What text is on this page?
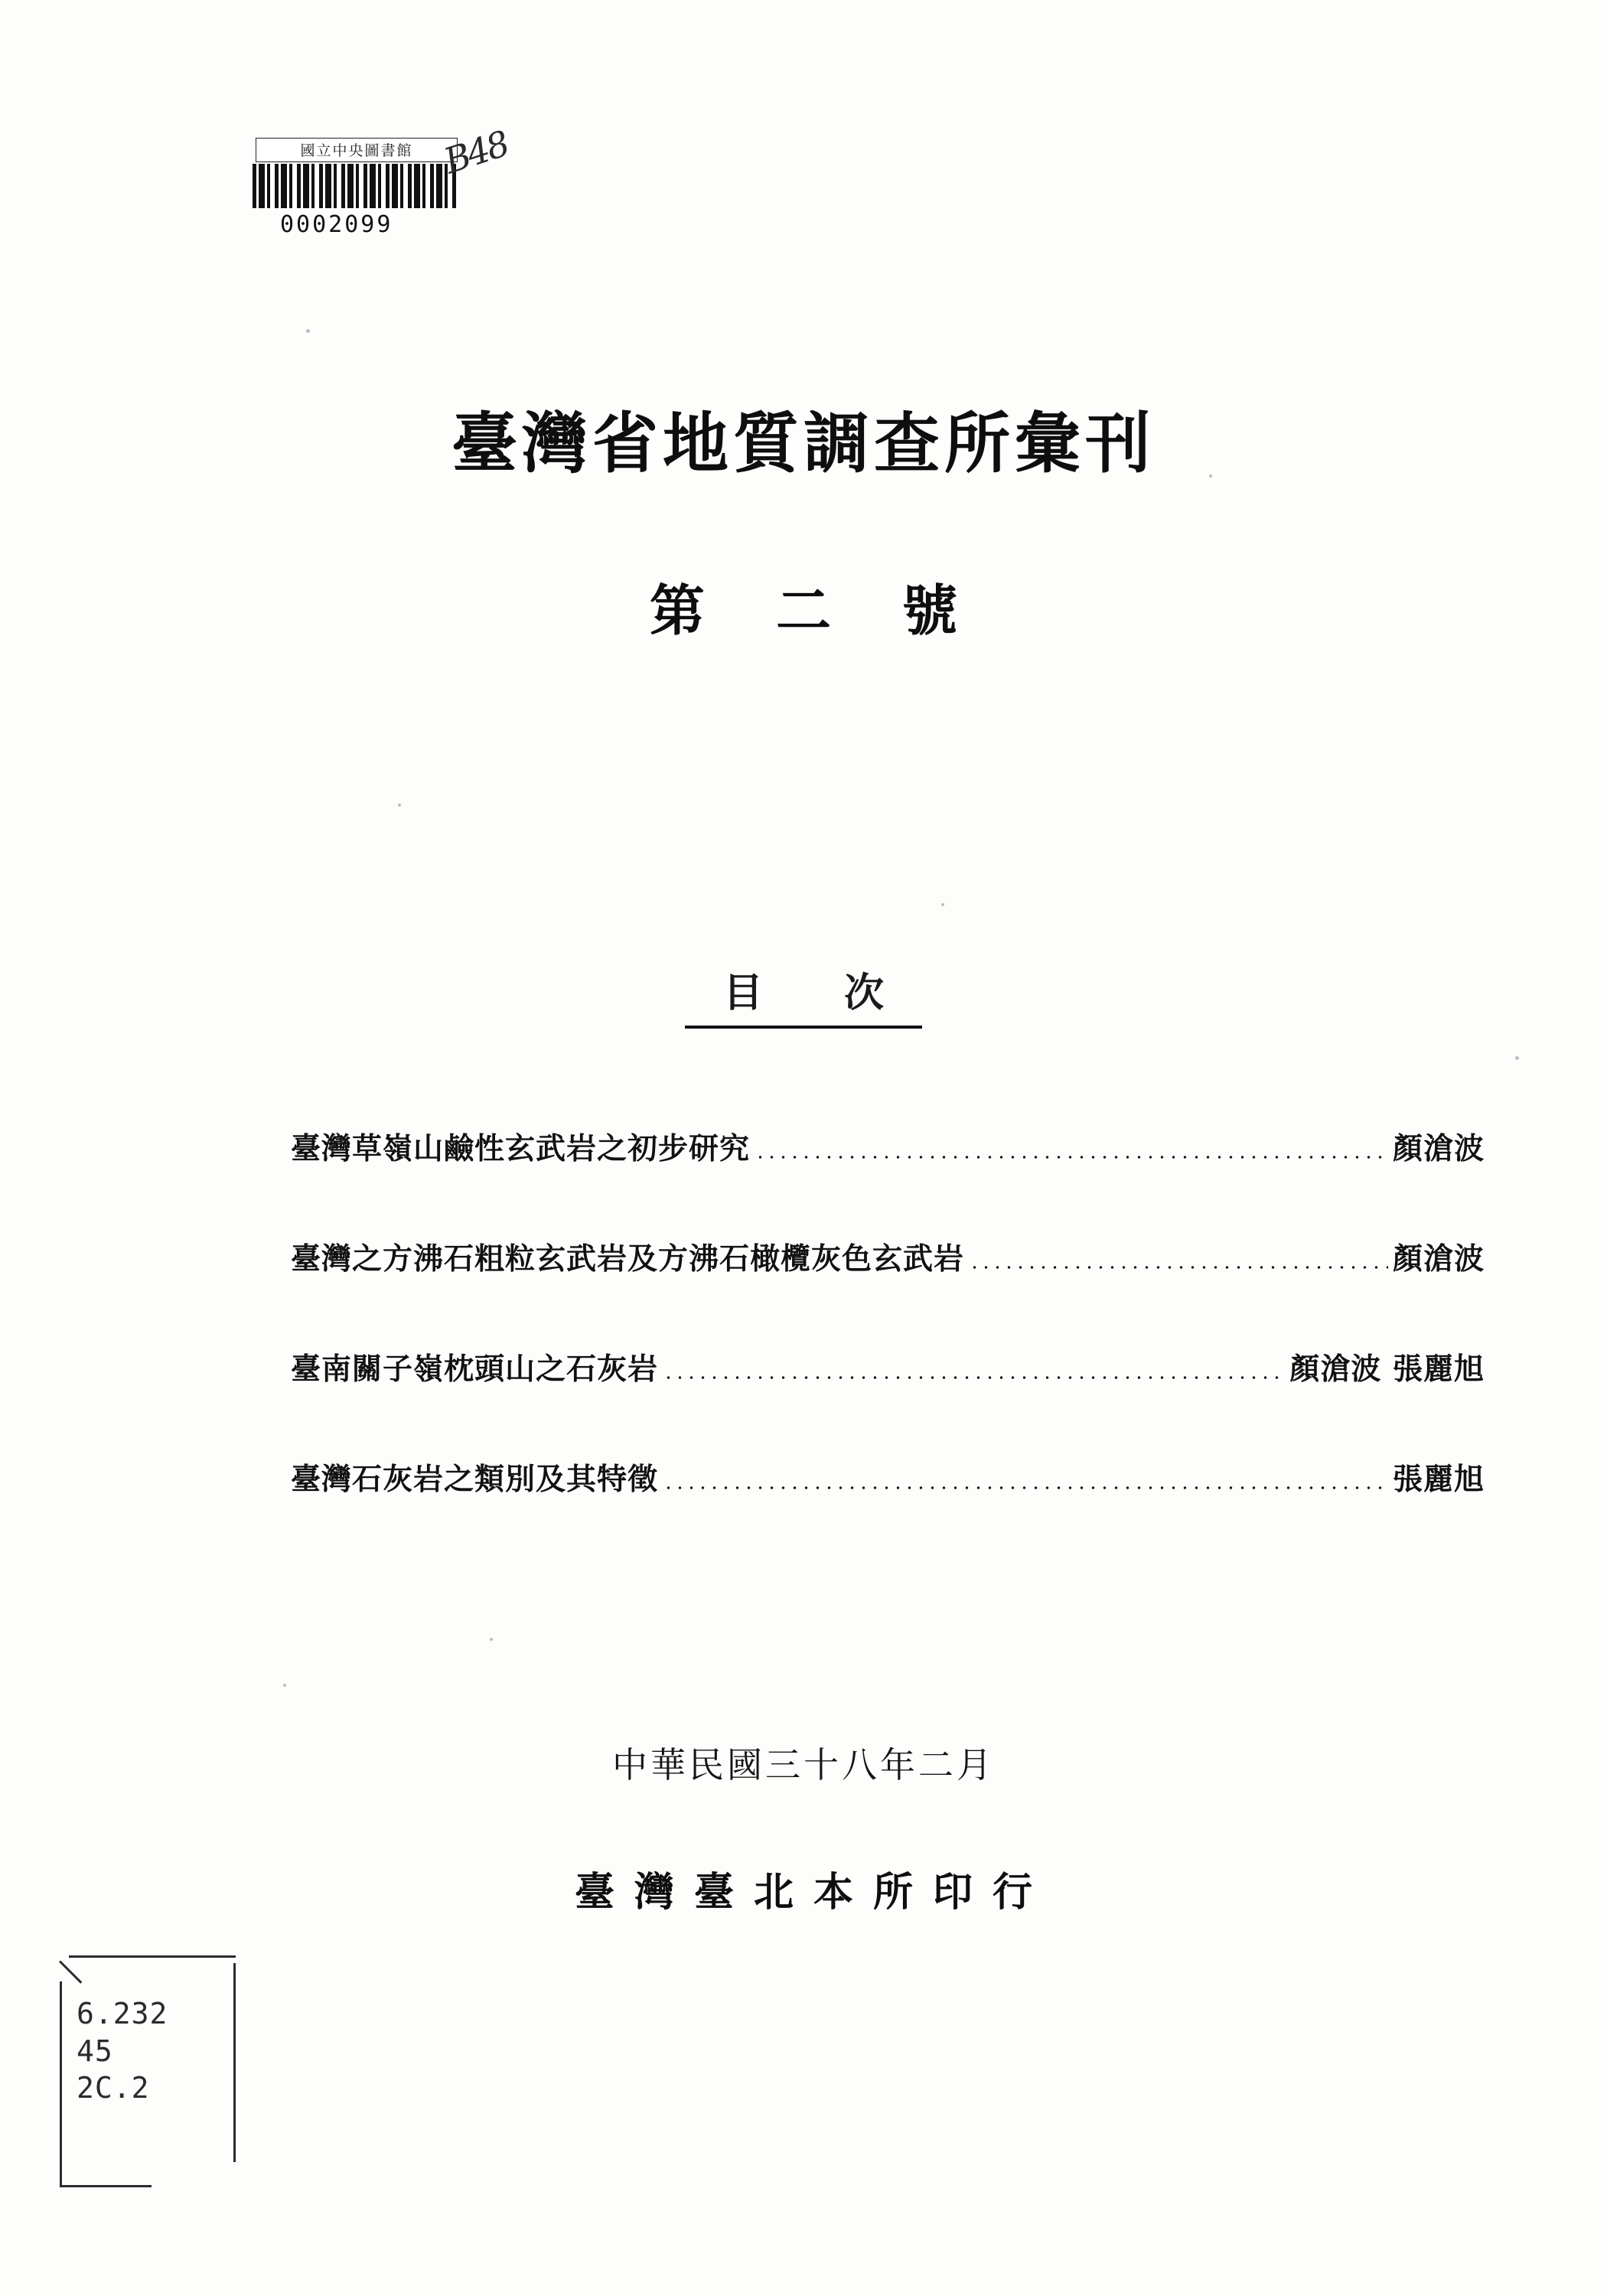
國立中央圖書館
0002099
B48
臺灣省地質調查所彙刊
第 二 號
目 次
臺灣草嶺山鹼性玄武岩之初步研究	顏滄波
臺灣之方沸石粗粒玄武岩及方沸石橄欖灰色玄武岩	顏滄波
臺南關子嶺枕頭山之石灰岩	顏滄波 張麗旭
臺灣石灰岩之類別及其特徵	張麗旭
中華民國三十八年二月
臺灣臺北本所印行
6.232
45
2C.2
